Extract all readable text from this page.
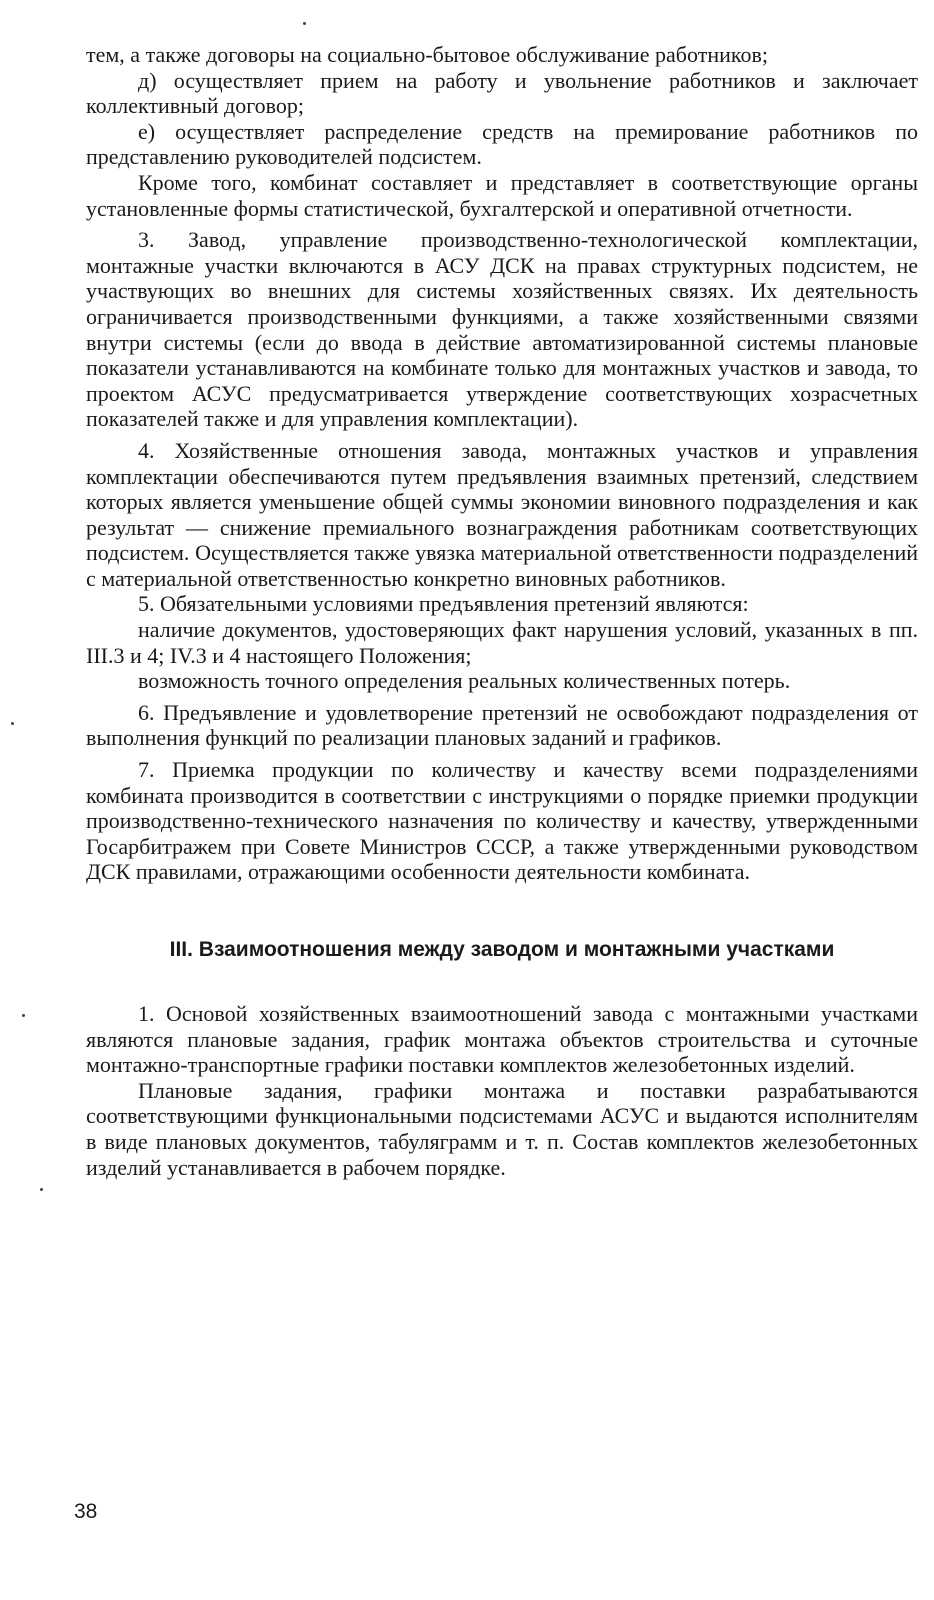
тем, а также договоры на социально-бытовое обслуживание работников;

д) осуществляет прием на работу и увольнение работников и заключает коллективный договор;

е) осуществляет распределение средств на премирование работников по представлению руководителей подсистем.

Кроме того, комбинат составляет и представляет в соответствующие органы установленные формы статистической, бухгалтерской и оперативной отчетности.

3. Завод, управление производственно-технологической комплектации, монтажные участки включаются в АСУ ДСК на правах структурных подсистем, не участвующих во внешних для системы хозяйственных связях. Их деятельность ограничивается производственными функциями, а также хозяйственными связями внутри системы (если до ввода в действие автоматизированной системы плановые показатели устанавливаются на комбинате только для монтажных участков и завода, то проектом АСУС предусматривается утверждение соответствующих хозрасчетных показателей также и для управления комплектации).

4. Хозяйственные отношения завода, монтажных участков и управления комплектации обеспечиваются путем предъявления взаимных претензий, следствием которых является уменьшение общей суммы экономии виновного подразделения и как результат — снижение премиального вознаграждения работникам соответствующих подсистем. Осуществляется также увязка материальной ответственности подразделений с материальной ответственностью конкретно виновных работников.

5. Обязательными условиями предъявления претензий являются:

наличие документов, удостоверяющих факт нарушения условий, указанных в пп. III.3 и 4; IV.3 и 4 настоящего Положения;

возможность точного определения реальных количественных потерь.

6. Предъявление и удовлетворение претензий не освобождают подразделения от выполнения функций по реализации плановых заданий и графиков.

7. Приемка продукции по количеству и качеству всеми подразделениями комбината производится в соответствии с инструкциями о порядке приемки продукции производственно-технического назначения по количеству и качеству, утвержденными Госарбитражем при Совете Министров СССР, а также утвержденными руководством ДСК правилами, отражающими особенности деятельности комбината.

III. Взаимоотношения между заводом и монтажными участками

1. Основой хозяйственных взаимоотношений завода с монтажными участками являются плановые задания, график монтажа объектов строительства и суточные монтажно-транспортные графики поставки комплектов железобетонных изделий.

Плановые задания, графики монтажа и поставки разрабатываются соответствующими функциональными подсистемами АСУС и выдаются исполнителям в виде плановых документов, табуляграмм и т. п. Состав комплектов железобетонных изделий устанавливается в рабочем порядке.

38
